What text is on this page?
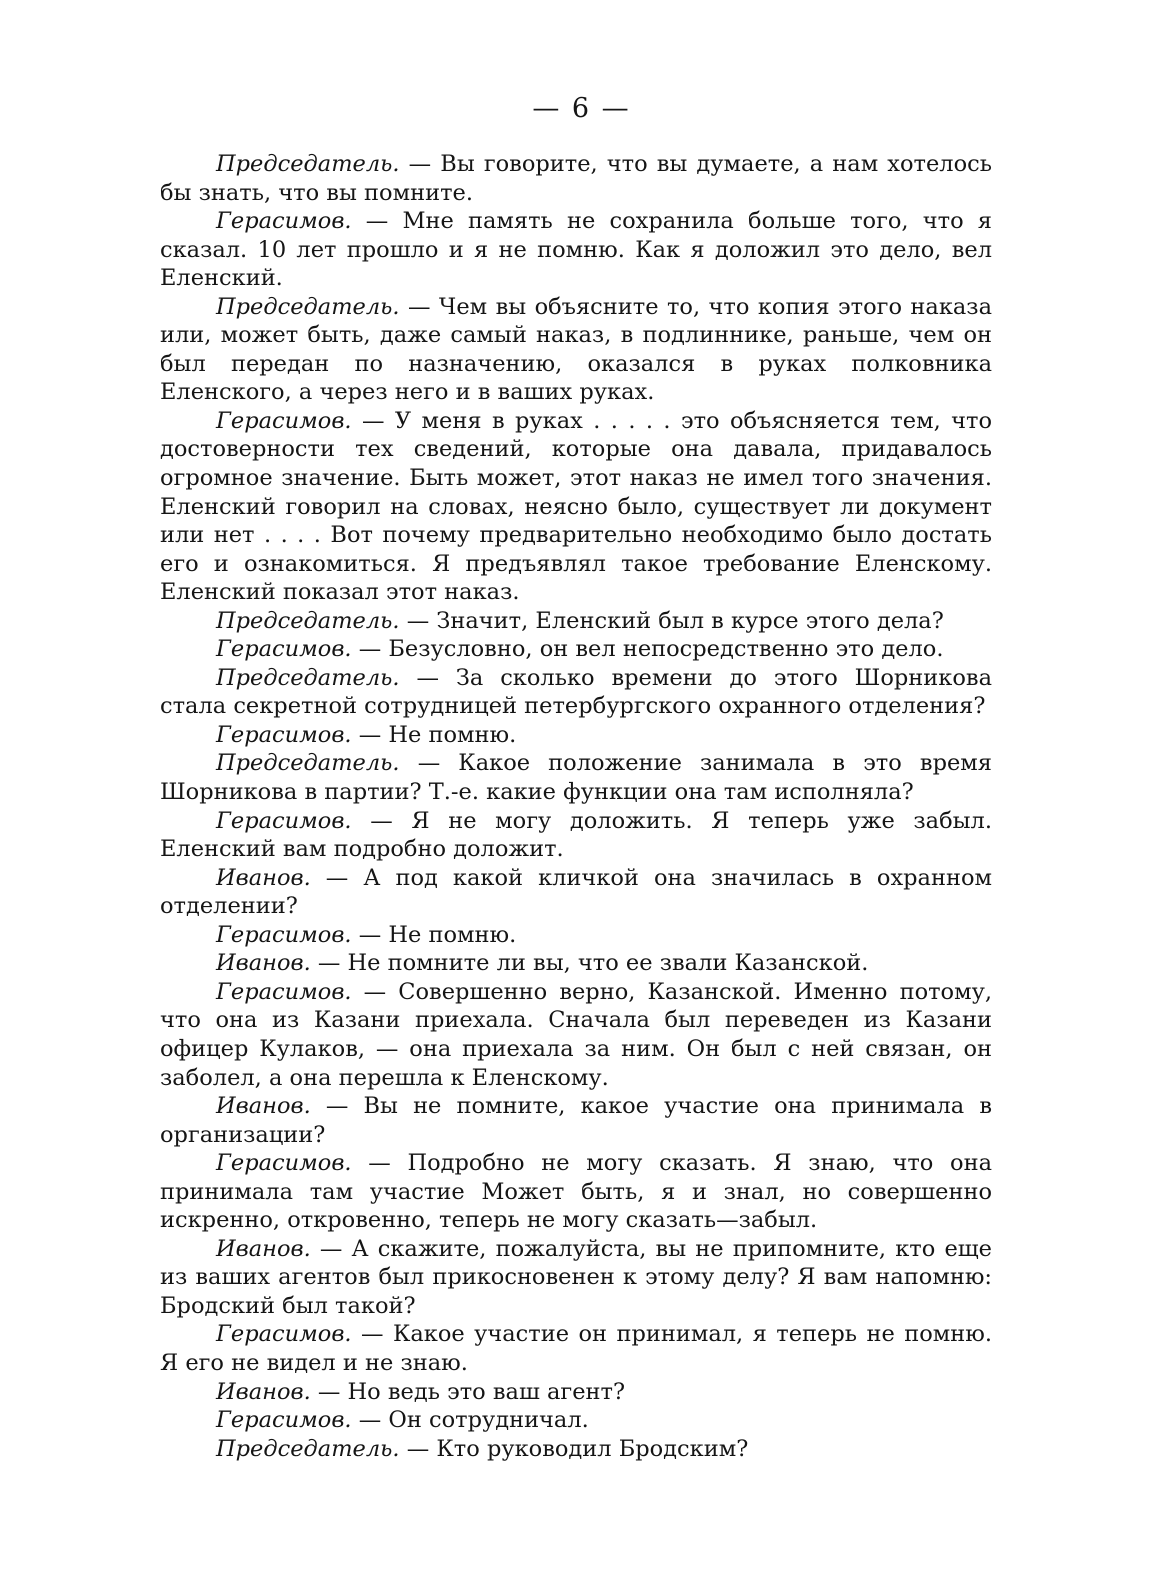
— 6 —

Председатель. — Вы говорите, что вы думаете, а нам хотелось бы знать, что вы помните.

Герасимов. — Мне память не сохранила больше того, что я сказал. 10 лет прошло и я не помню. Как я доложил это дело, вел Еленский.

Председатель. — Чем вы объясните то, что копия этого наказа или, может быть, даже самый наказ, в подлиннике, раньше, чем он был передан по назначению, оказался в руках полковника Еленского, а через него и в ваших руках.

Герасимов. — У меня в руках . . . . . это объясняется тем, что достоверности тех сведений, которые она давала, придавалось огромное значение. Быть может, этот наказ не имел того значения. Еленский говорил на словах, неясно было, существует ли документ или нет . . . . Вот почему предварительно необходимо было достать его и ознакомиться. Я предъявлял такое требование Еленскому. Еленский показал этот наказ.

Председатель. — Значит, Еленский был в курсе этого дела?

Герасимов. — Безусловно, он вел непосредственно это дело.

Председатель. — За сколько времени до этого Шорникова стала секретной сотрудницей петербургского охранного отделения?

Герасимов. — Не помню.

Председатель. — Какое положение занимала в это время Шорникова в партии? Т.-е. какие функции она там исполняла?

Герасимов. — Я не могу доложить. Я теперь уже забыл. Еленский вам подробно доложит.

Иванов. — А под какой кличкой она значилась в охранном отделении?

Герасимов. — Не помню.

Иванов. — Не помните ли вы, что ее звали Казанской.

Герасимов. — Совершенно верно, Казанской. Именно потому, что она из Казани приехала. Сначала был переведен из Казани офицер Кулаков, — она приехала за ним. Он был с ней связан, он заболел, а она перешла к Еленскому.

Иванов. — Вы не помните, какое участие она принимала в организации?

Герасимов. — Подробно не могу сказать. Я знаю, что она принимала там участие Может быть, я и знал, но совершенно искренно, откровенно, теперь не могу сказать—забыл.

Иванов. — А скажите, пожалуйста, вы не припомните, кто еще из ваших агентов был прикосновенен к этому делу? Я вам напомню: Бродский был такой?

Герасимов. — Какое участие он принимал, я теперь не помню. Я его не видел и не знаю.

Иванов. — Но ведь это ваш агент?

Герасимов. — Он сотрудничал.

Председатель. — Кто руководил Бродским?
